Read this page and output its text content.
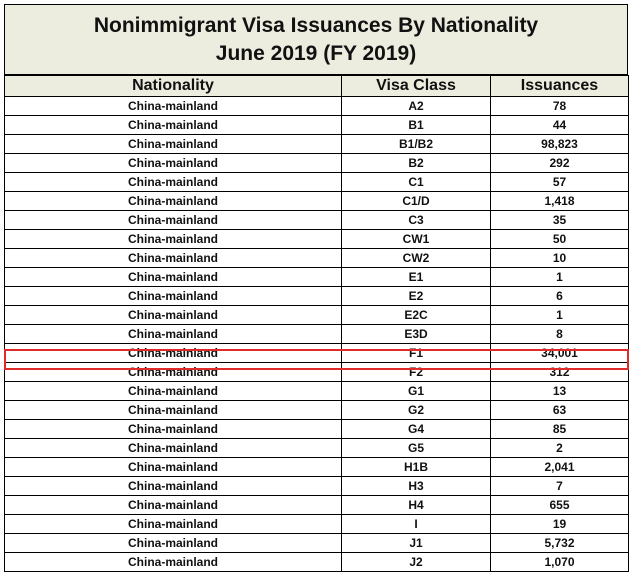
Nonimmigrant Visa Issuances By Nationality
June 2019 (FY 2019)
Nationality	Visa Class	Issuances
China-mainland	A2	78
China-mainland	B1	44
China-mainland	B1/B2	98,823
China-mainland	B2	292
China-mainland	C1	57
China-mainland	C1/D	1,418
China-mainland	C3	35
China-mainland	CW1	50
China-mainland	CW2	10
China-mainland	E1	1
China-mainland	E2	6
China-mainland	E2C	1
China-mainland	E3D	8
China-mainland	F1	34,001
China-mainland	F2	312
China-mainland	G1	13
China-mainland	G2	63
China-mainland	G4	85
China-mainland	G5	2
China-mainland	H1B	2,041
China-mainland	H3	7
China-mainland	H4	655
China-mainland	I	19
China-mainland	J1	5,732
China-mainland	J2	1,070
